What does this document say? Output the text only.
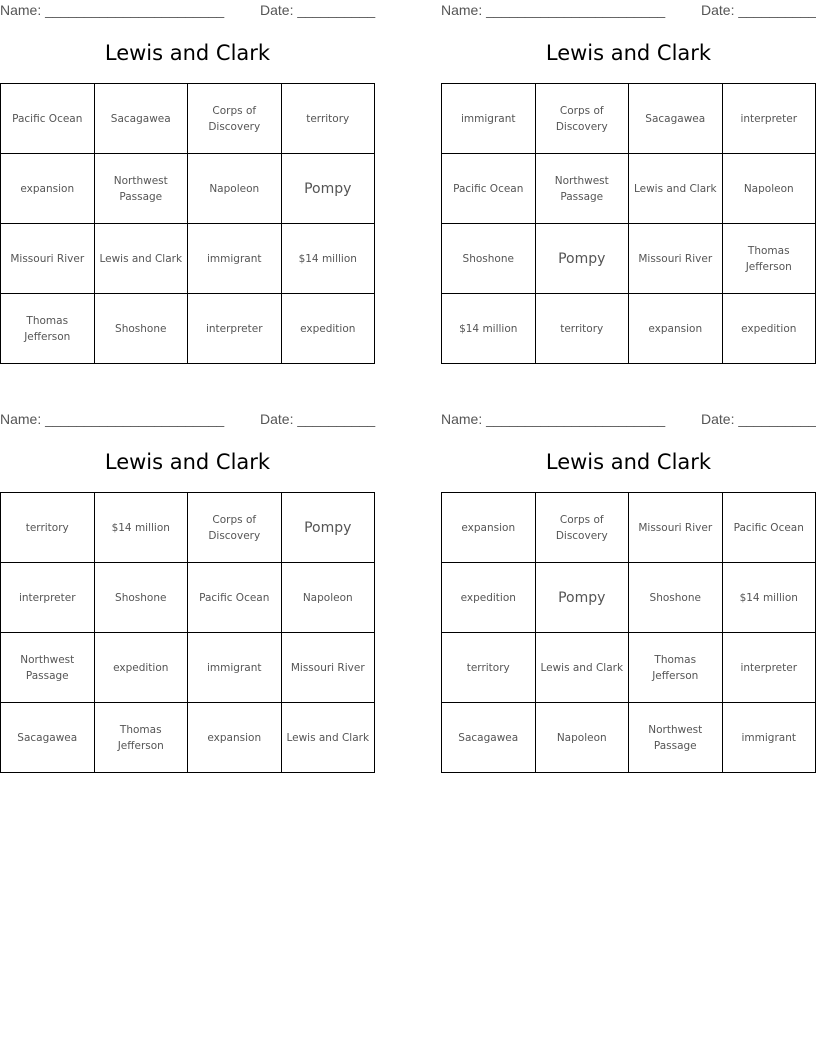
Name: _______________________	Date: __________
Lewis and Clark
Pacific Ocean	Sacagawea	Corps of Discovery	territory
expansion	Northwest Passage	Napoleon	Pompy
Missouri River	Lewis and Clark	immigrant	$14 million
Thomas Jefferson	Shoshone	interpreter	expedition
Name: _______________________	Date: __________
Lewis and Clark
immigrant	Corps of Discovery	Sacagawea	interpreter
Pacific Ocean	Northwest Passage	Lewis and Clark	Napoleon
Shoshone	Pompy	Missouri River	Thomas Jefferson
$14 million	territory	expansion	expedition
Name: _______________________	Date: __________
Lewis and Clark
territory	$14 million	Corps of Discovery	Pompy
interpreter	Shoshone	Pacific Ocean	Napoleon
Northwest Passage	expedition	immigrant	Missouri River
Sacagawea	Thomas Jefferson	expansion	Lewis and Clark
Name: _______________________	Date: __________
Lewis and Clark
expansion	Corps of Discovery	Missouri River	Pacific Ocean
expedition	Pompy	Shoshone	$14 million
territory	Lewis and Clark	Thomas Jefferson	interpreter
Sacagawea	Napoleon	Northwest Passage	immigrant
